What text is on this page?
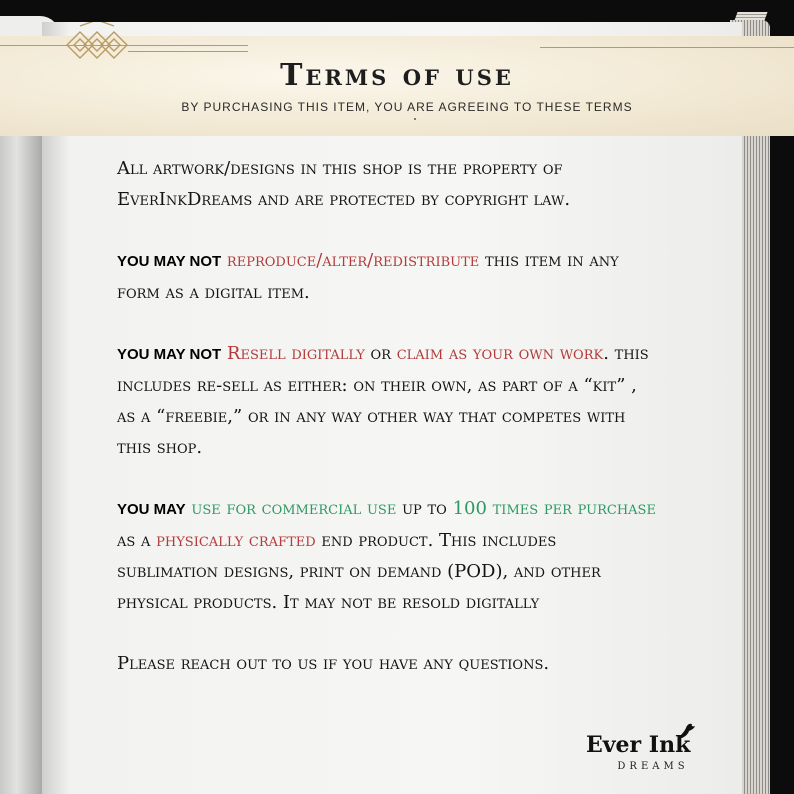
Terms of use
BY PURCHASING THIS ITEM, YOU ARE AGREEING TO THESE TERMS

All artwork/designs in this shop is the property of EverInkDreams and are protected by copyright law.

YOU MAY NOT reproduce/alter/redistribute this item in any form as a digital item.

YOU MAY NOT Resell digitally or claim as your own work. this includes re-sell as either: on their own, as part of a “kit” , as a “freebie,” or in any way other way that competes with this shop.

YOU MAY use for commercial use up to 100 times per purchase as a physically crafted end product. This includes sublimation designs, print on demand (POD), and other physical products. It may not be resold digitally

Please reach out to us if you have any questions.

Ever Ink
DREAMS
